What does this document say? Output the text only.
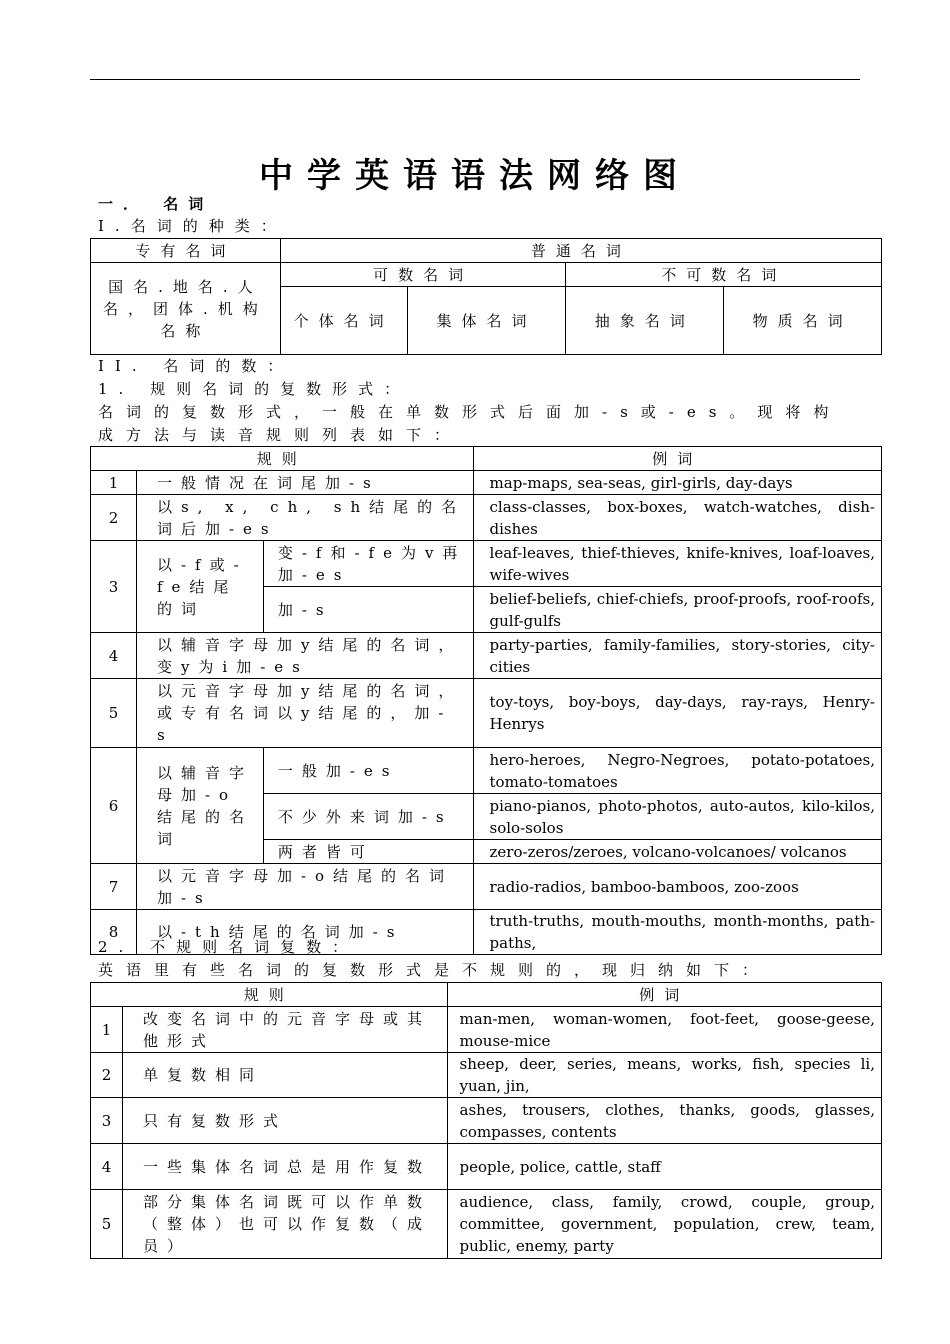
中学英语语法网络图
一． 名词
I.名词的种类：
专有名词	普通名词			
国名.地名.人名，团体.机构名称	可数名词		不可数名词	
	个体名词	集体名词	抽象名词	物质名词
II. 名词的数：
1. 规则名词的复数形式：
名词的复数形式，一般在单数形式后面加-s或-es。现将构
成方法与读音规则列表如下：
规则			例词
1	一般情况在词尾加-s		map-maps, sea-seas, girl-girls, day-days
2	以s, x, ch, sh结尾的名词后加-es		class-classes, box-boxes, watch-watches, dish-dishes
3	以-f或-fe结尾的词	变-f和-fe为v再加-es	leaf-leaves, thief-thieves, knife-knives, loaf-loaves, wife-wives
		加-s	belief-beliefs, chief-chiefs, proof-proofs, roof-roofs, gulf-gulfs
4	以辅音字母加y结尾的名词，变y为i加-es		party-parties, family-families, story-stories, city-cities
5	以元音字母加y结尾的名词，或专有名词以y结尾的，加-s		toy-toys, boy-boys, day-days, ray-rays, Henry-Henrys
6	以辅音字母加-o结尾的名词	一般加-es	hero-heroes, Negro-Negroes, potato-potatoes, tomato-tomatoes
		不少外来词加-s	piano-pianos, photo-photos, auto-autos, kilo-kilos, solo-solos
		两者皆可	zero-zeros/zeroes, volcano-volcanoes/ volcanos
7	以元音字母加-o结尾的名词加-s		radio-radios, bamboo-bamboos, zoo-zoos
8	以-th结尾的名词加-s		truth-truths, mouth-mouths, month-months, path-paths,
2. 不规则名词复数：
英语里有些名词的复数形式是不规则的，现归纳如下：
规则		例词
1	改变名词中的元音字母或其他形式	man-men, woman-women, foot-feet, goose-geese, mouse-mice
2	单复数相同	sheep, deer, series, means, works, fish, species li, yuan, jin,
3	只有复数形式	ashes, trousers, clothes, thanks, goods, glasses, compasses, contents
4	一些集体名词总是用作复数	people, police, cattle, staff
5	部分集体名词既可以作单数（整体）也可以作复数（成员）	audience, class, family, crowd, couple, group, committee, government, population, crew, team, public, enemy, party
